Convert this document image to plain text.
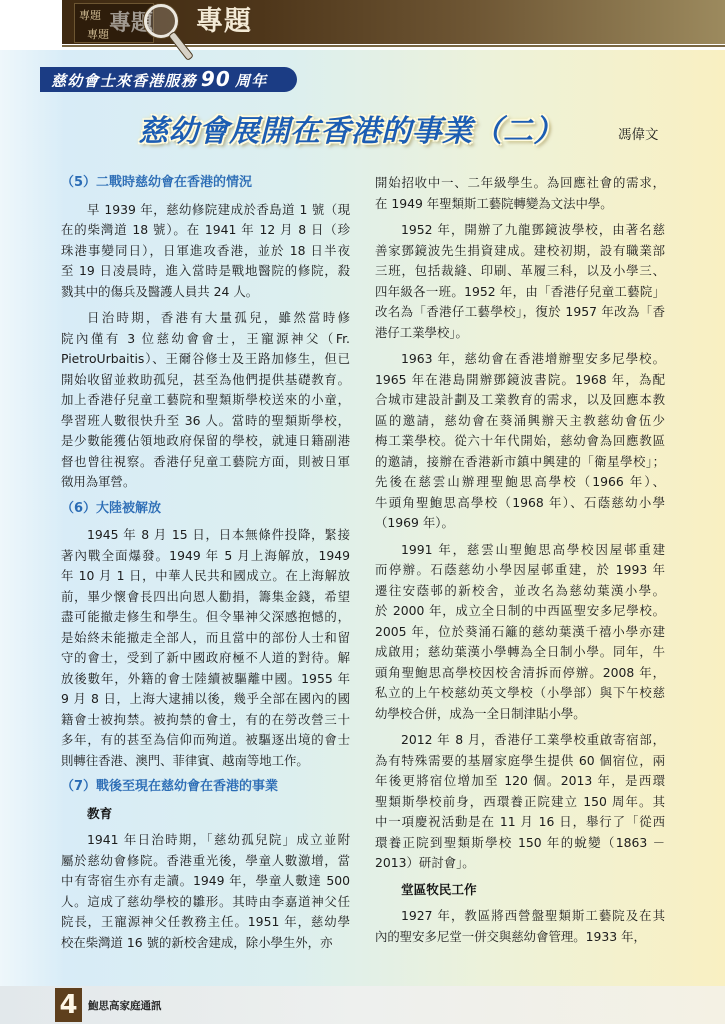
專題
專題
專題	專題
慈幼會士來香港服務 90 周年
慈幼會展開在香港的事業（二）	馮偉文
（5）二戰時慈幼會在香港的情況
早 1939 年，慈幼修院建成於香島道 1 號（現
在的柴灣道 18 號）。在 1941 年 12 月 8 日（珍
珠港事變同日），日軍進攻香港，並於 18 日半夜
至 19 日凌晨時，進入當時是戰地醫院的修院，殺
戮其中的傷兵及醫護人員共 24 人。
日治時期，香港有大量孤兒，雖然當時修
院內僅有 3 位慈幼會會士，王寵源神父（Fr.
PietroUrbaitis）、王爾谷修士及王路加修生，但已
開始收留並救助孤兒，甚至為他們提供基礎教育。
加上香港仔兒童工藝院和聖類斯學校送來的小童，
學習班人數很快升至 36 人。當時的聖類斯學校，
是少數能獲佔領地政府保留的學校，就連日籍副港
督也曾往視察。香港仔兒童工藝院方面，則被日軍
徵用為軍營。
（6）大陸被解放
1945 年 8 月 15 日，日本無條件投降，緊接
著內戰全面爆發。1949 年 5 月上海解放，1949
年 10 月 1 日，中華人民共和國成立。在上海解放
前，畢少懷會長四出向恩人勸捐，籌集金錢，希望
盡可能撤走修生和學生。但令畢神父深感抱憾的，
是始終未能撤走全部人，而且當中的部份人士和留
守的會士，受到了新中國政府極不人道的對待。解
放後數年，外籍的會士陸續被驅離中國。1955 年
9 月 8 日，上海大逮捕以後，幾乎全部在國內的國
籍會士被拘禁。被拘禁的會士，有的在勞改營三十
多年，有的甚至為信仰而殉道。被驅逐出境的會士
則轉往香港、澳門、菲律賓、越南等地工作。
（7）戰後至現在慈幼會在香港的事業
教育
1941 年日治時期，「慈幼孤兒院」成立並附
屬於慈幼會修院。香港重光後，學童人數激增，當
中有寄宿生亦有走讀。1949 年，學童人數達 500
人。這成了慈幼學校的雛形。其時由李嘉道神父任
院長，王寵源神父任教務主任。1951 年，慈幼學
校在柴灣道 16 號的新校舍建成，除小學生外，亦
開始招收中一、二年級學生。為回應社會的需求，
在 1949 年聖類斯工藝院轉變為文法中學。
1952 年，開辦了九龍鄧鏡波學校，由著名慈
善家鄧鏡波先生捐資建成。建校初期，設有職業部
三班，包括裁縫、印刷、革履三科，以及小學三、
四年級各一班。1952 年，由「香港仔兒童工藝院」
改名為「香港仔工藝學校」，復於 1957 年改為「香
港仔工業學校」。
1963 年，慈幼會在香港增辦聖安多尼學校。
1965 年在港島開辦鄧鏡波書院。1968 年，為配
合城市建設計劃及工業教育的需求，以及回應本教
區的邀請，慈幼會在葵涌興辦天主教慈幼會伍少
梅工業學校。從六十年代開始，慈幼會為回應教區
的邀請，接辦在香港新市鎮中興建的「衛星學校」；
先後在慈雲山辦理聖鮑思高學校（1966 年）、
牛頭角聖鮑思高學校（1968 年）、石蔭慈幼小學
（1969 年）。
1991 年，慈雲山聖鮑思高學校因屋邨重建
而停辦。石蔭慈幼小學因屋邨重建，於 1993 年
遷往安蔭邨的新校舍，並改名為慈幼葉漢小學。
於 2000 年，成立全日制的中西區聖安多尼學校。
2005 年，位於葵涌石籬的慈幼葉漢千禧小學亦建
成啟用；慈幼葉漢小學轉為全日制小學。同年，牛
頭角聖鮑思高學校因校舍清拆而停辦。2008 年，
私立的上午校慈幼英文學校（小學部）與下午校慈
幼學校合併，成為一全日制津貼小學。
2012 年 8 月，香港仔工業學校重啟寄宿部，
為有特殊需要的基層家庭學生提供 60 個宿位，兩
年後更將宿位增加至 120 個。2013 年，是西環
聖類斯學校前身，西環養正院建立 150 周年。其
中一項慶祝活動是在 11 月 16 日，舉行了「從西
環養正院到聖類斯學校 150 年的蛻變（1863 －
2013）研討會」。
堂區牧民工作
1927 年，教區將西營盤聖類斯工藝院及在其
內的聖安多尼堂一併交與慈幼會管理。1933 年，
4 鮑思高家庭通訊
